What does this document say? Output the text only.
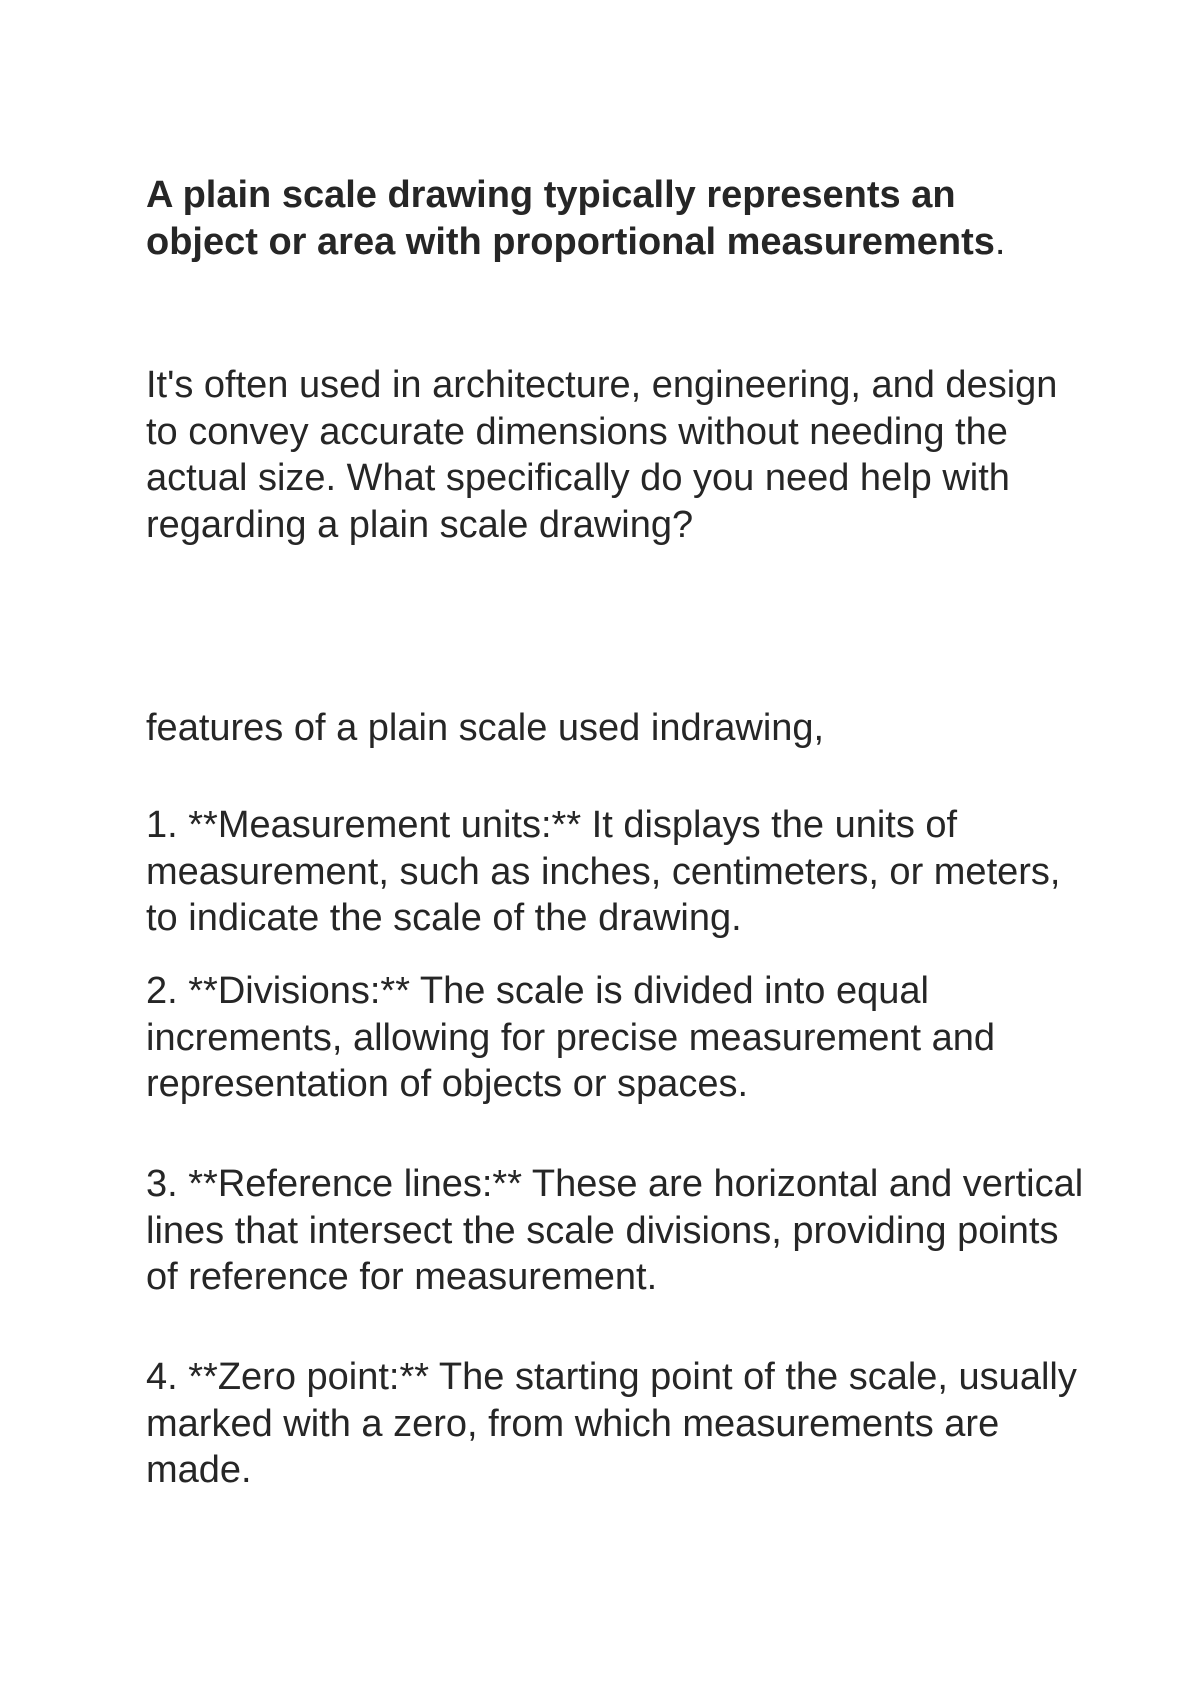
A plain scale drawing typically represents an object or area with proportional measurements.

It's often used in architecture, engineering, and design to convey accurate dimensions without needing the actual size. What specifically do you need help with regarding a plain scale drawing?

features of a plain scale used indrawing,

1. **Measurement units:** It displays the units of measurement, such as inches, centimeters, or meters, to indicate the scale of the drawing.

2. **Divisions:** The scale is divided into equal increments, allowing for precise measurement and representation of objects or spaces.

3. **Reference lines:** These are horizontal and vertical lines that intersect the scale divisions, providing points of reference for measurement.

4. **Zero point:** The starting point of the scale, usually marked with a zero, from which measurements are made.
